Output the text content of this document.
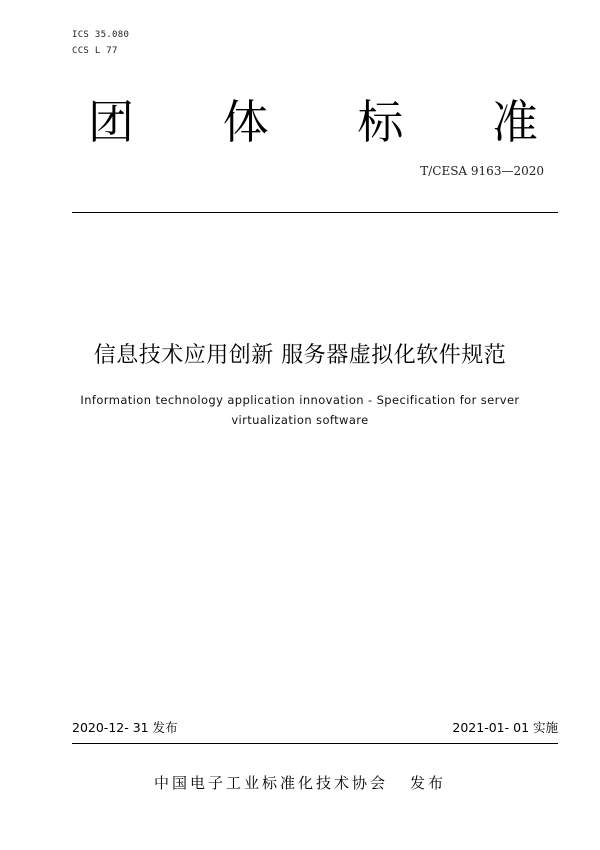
ICS 35.080
CCS L 77
团 体 标 准
T/CESA 9163—2020
信息技术应用创新 服务器虚拟化软件规范
Information technology application innovation - Specification for server
virtualization software
2020-12- 31 发布	2021-01- 01 实施
中国电子工业标准化技术协会 发布
